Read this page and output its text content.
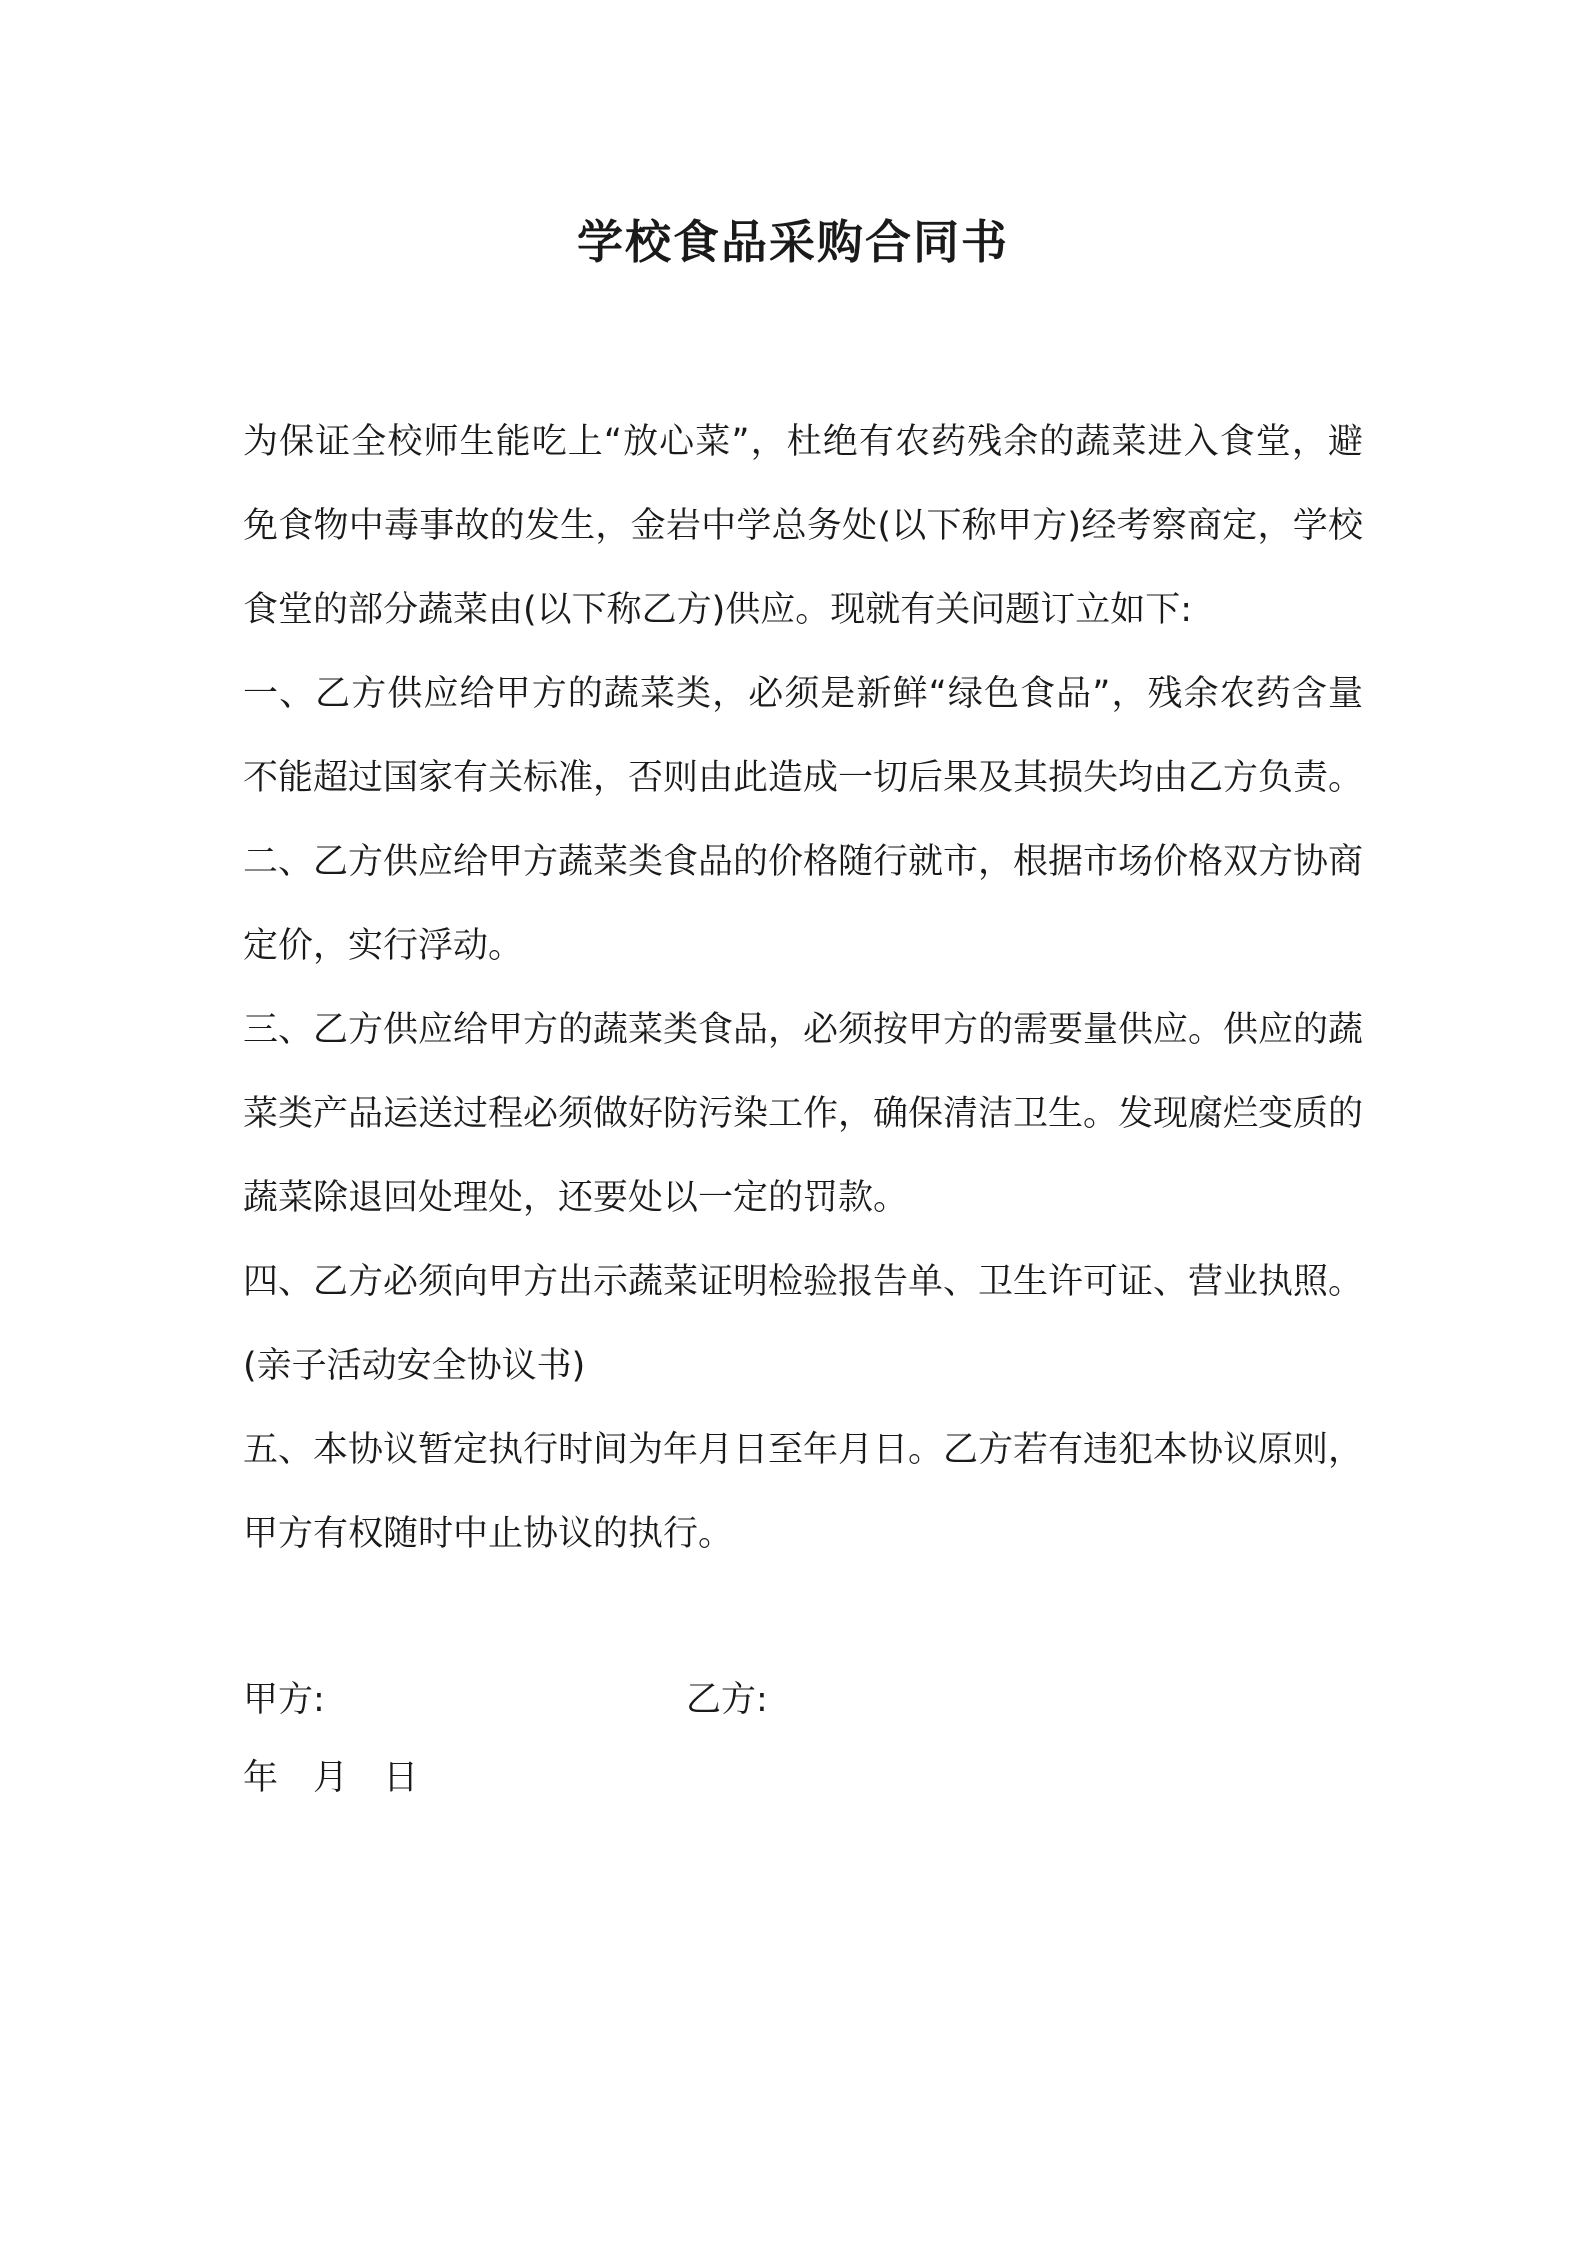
学校食品采购合同书

为保证全校师生能吃上“放心菜”，杜绝有农药残余的蔬菜进入食堂，避免食物中毒事故的发生，金岩中学总务处(以下称甲方)经考察商定，学校食堂的部分蔬菜由(以下称乙方)供应。现就有关问题订立如下:

一、乙方供应给甲方的蔬菜类，必须是新鲜“绿色食品”，残余农药含量不能超过国家有关标准，否则由此造成一切后果及其损失均由乙方负责。

二、乙方供应给甲方蔬菜类食品的价格随行就市，根据市场价格双方协商定价，实行浮动。

三、乙方供应给甲方的蔬菜类食品，必须按甲方的需要量供应。供应的蔬菜类产品运送过程必须做好防污染工作，确保清洁卫生。发现腐烂变质的蔬菜除退回处理处，还要处以一定的罚款。

四、乙方必须向甲方出示蔬菜证明检验报告单、卫生许可证、营业执照。(亲子活动安全协议书)

五、本协议暂定执行时间为年月日至年月日。乙方若有违犯本协议原则，甲方有权随时中止协议的执行。

甲方:	乙方:
年 月 日
